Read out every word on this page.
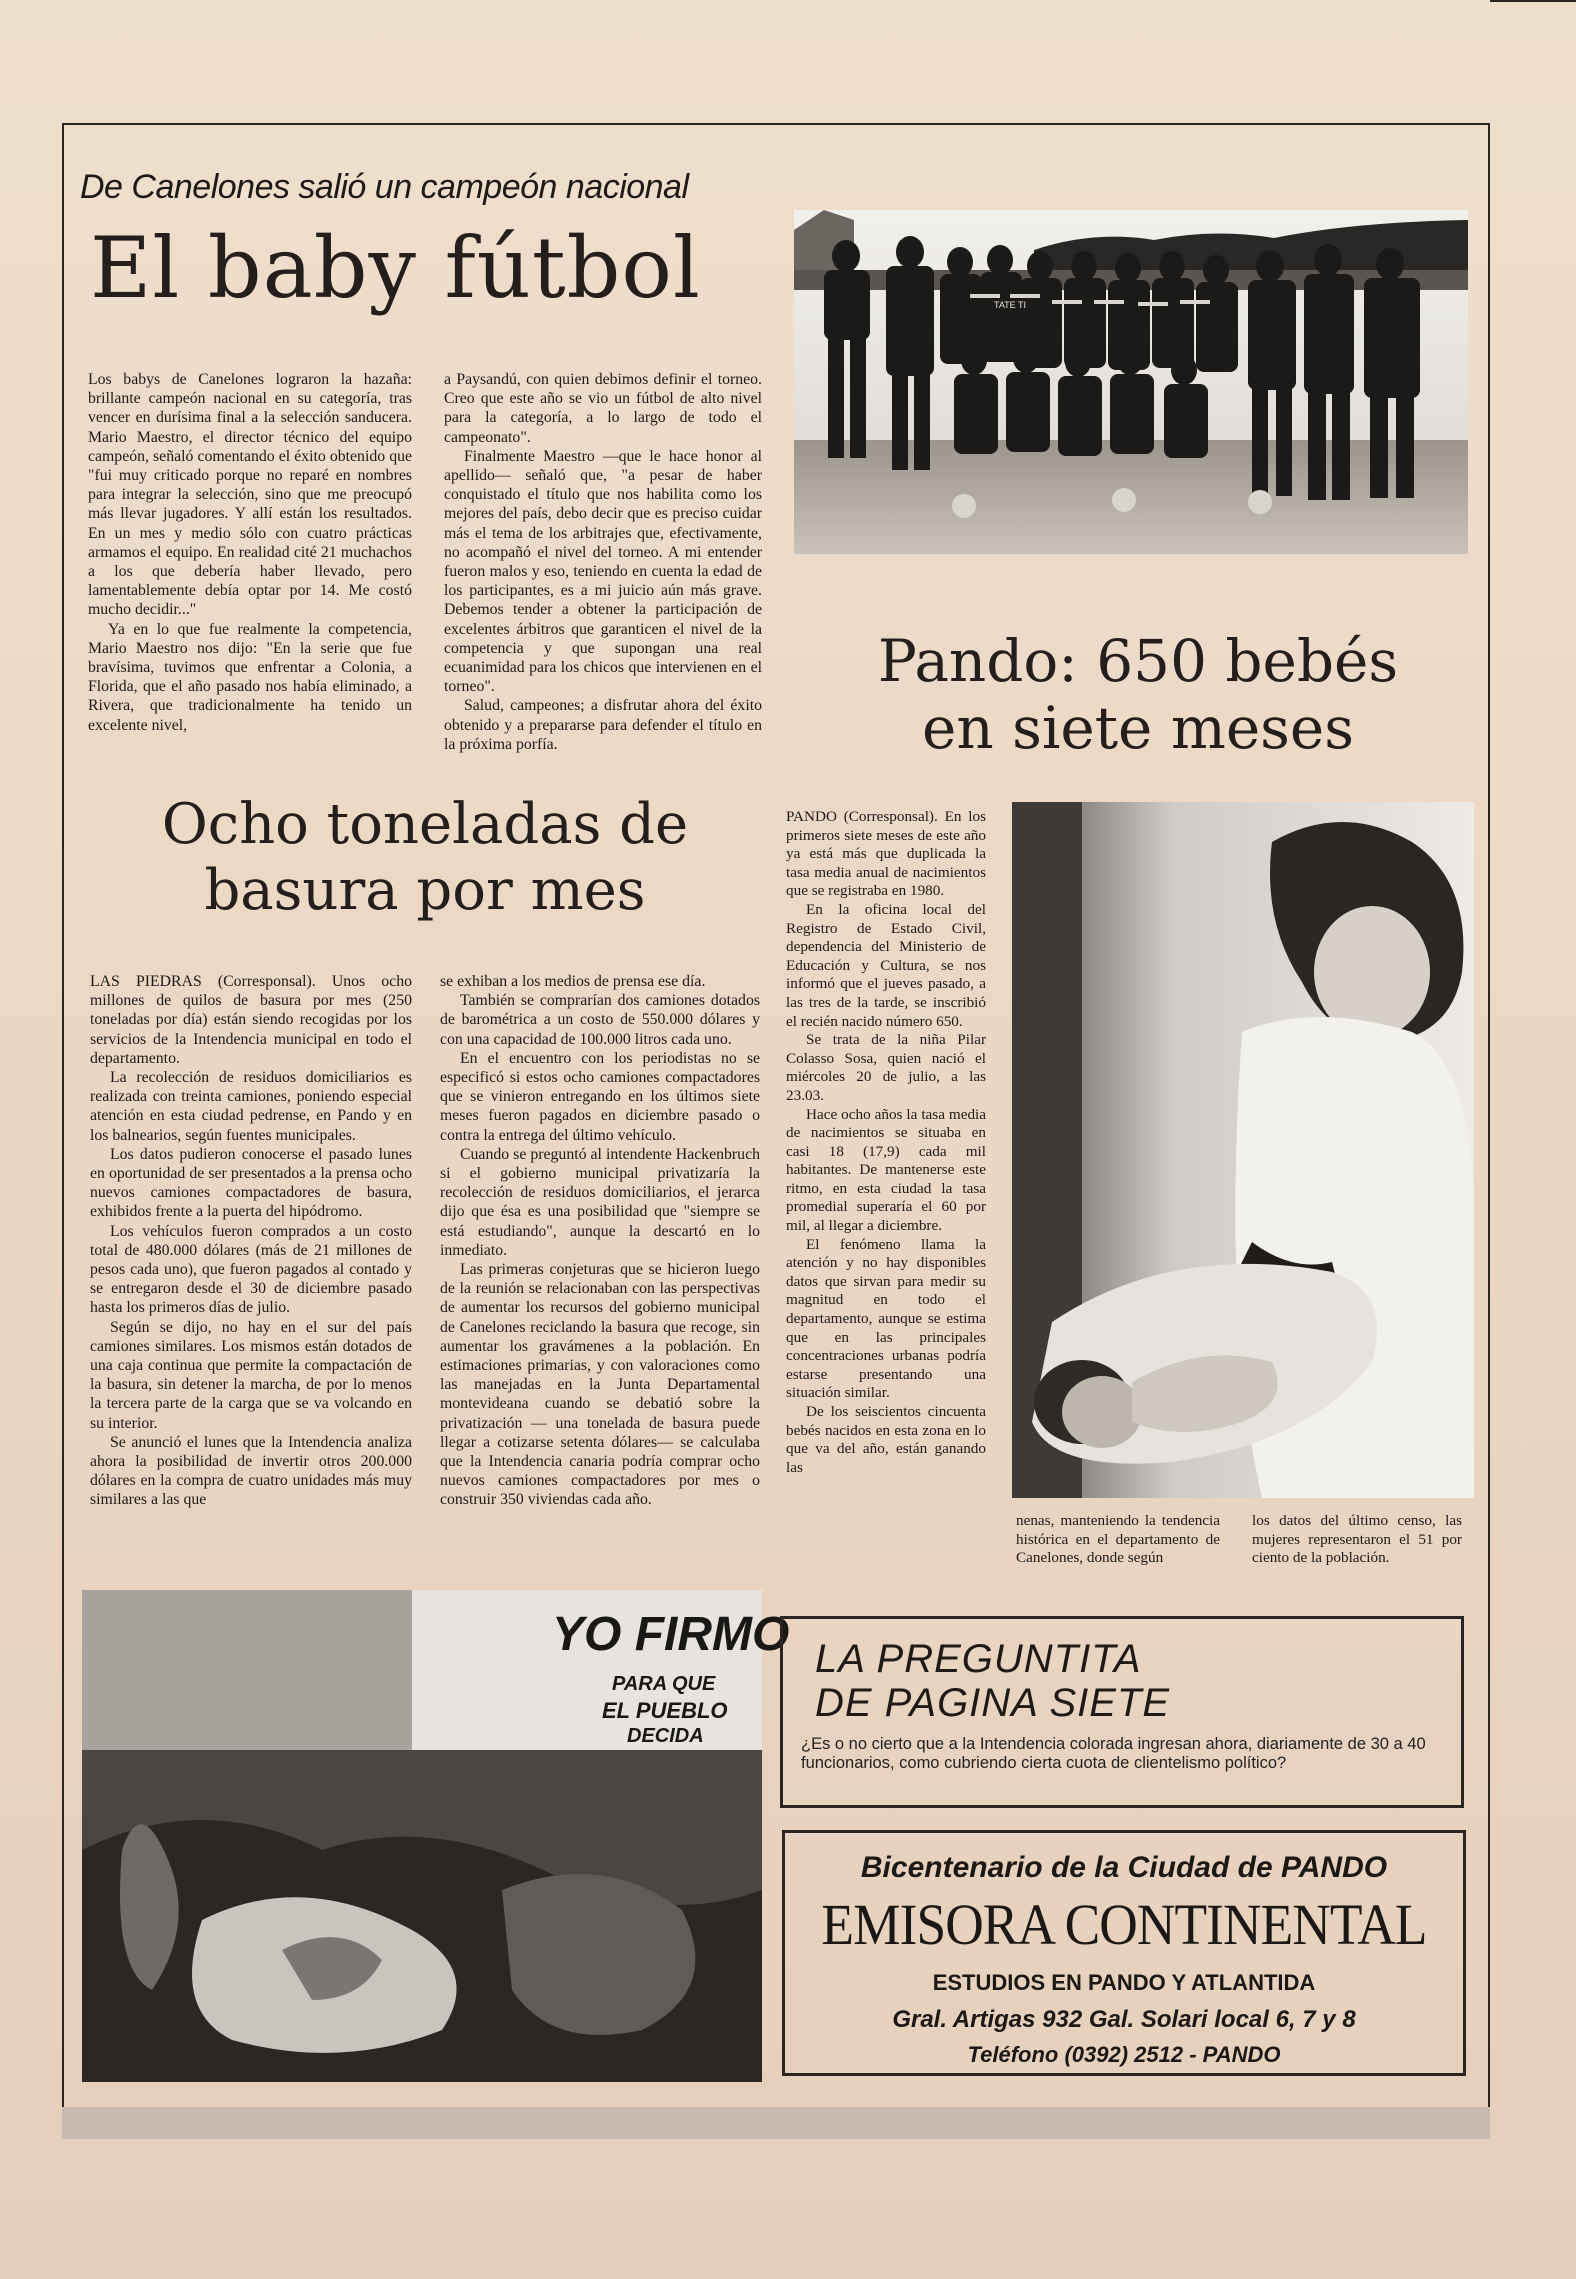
De Canelones salió un campeón nacional
El baby fútbol

Los babys de Canelones lograron la hazaña: brillante campeón nacional en su categoría, tras vencer en durísima final a la selección sanducera. Mario Maestro, el director técnico del equipo campeón, señaló comentando el éxito obtenido que "fui muy criticado porque no reparé en nombres para integrar la selección, sino que me preocupó más llevar jugadores. Y allí están los resultados. En un mes y medio sólo con cuatro prácticas armamos el equipo. En realidad cité 21 muchachos a los que debería haber llevado, pero lamentablemente debía optar por 14. Me costó mucho decidir..."

Ya en lo que fue realmente la competencia, Mario Maestro nos dijo: "En la serie que fue bravísima, tuvimos que enfrentar a Colonia, a Florida, que el año pasado nos había eliminado, a Rivera, que tradicionalmente ha tenido un excelente nivel,

a Paysandú, con quien debimos definir el torneo. Creo que este año se vio un fútbol de alto nivel para la categoría, a lo largo de todo el campeonato".

Finalmente Maestro —que le hace honor al apellido— señaló que, "a pesar de haber conquistado el título que nos habilita como los mejores del país, debo decir que es preciso cuidar más el tema de los arbitrajes que, efectivamente, no acompañó el nivel del torneo. A mi entender fueron malos y eso, teniendo en cuenta la edad de los participantes, es a mi juicio aún más grave. Debemos tender a obtener la participación de excelentes árbitros que garanticen el nivel de la competencia y que supongan una real ecuanimidad para los chicos que intervienen en el torneo".

Salud, campeones; a disfrutar ahora del éxito obtenido y a prepararse para defender el título en la próxima porfía.

TATE TI
Pando: 650 bebés
en siete meses
Ocho toneladas de
basura por mes

LAS PIEDRAS (Corresponsal). Unos ocho millones de quilos de basura por mes (250 toneladas por día) están siendo recogidas por los servicios de la Intendencia municipal en todo el departamento.

La recolección de residuos domiciliarios es realizada con treinta camiones, poniendo especial atención en esta ciudad pedrense, en Pando y en los balnearios, según fuentes municipales.

Los datos pudieron conocerse el pasado lunes en oportunidad de ser presentados a la prensa ocho nuevos camiones compactadores de basura, exhibidos frente a la puerta del hipódromo.

Los vehículos fueron comprados a un costo total de 480.000 dólares (más de 21 millones de pesos cada uno), que fueron pagados al contado y se entregaron desde el 30 de diciembre pasado hasta los primeros días de julio.

Según se dijo, no hay en el sur del país camiones similares. Los mismos están dotados de una caja continua que permite la compactación de la basura, sin detener la marcha, de por lo menos la tercera parte de la carga que se va volcando en su interior.

Se anunció el lunes que la Intendencia analiza ahora la posibilidad de invertir otros 200.000 dólares en la compra de cuatro unidades más muy similares a las que

se exhiban a los medios de prensa ese día.

También se comprarían dos camiones dotados de barométrica a un costo de 550.000 dólares y con una capacidad de 100.000 litros cada uno.

En el encuentro con los periodistas no se especificó si estos ocho camiones compactadores que se vinieron entregando en los últimos siete meses fueron pagados en diciembre pasado o contra la entrega del último vehículo.

Cuando se preguntó al intendente Hackenbruch si el gobierno municipal privatizaría la recolección de residuos domiciliarios, el jerarca dijo que ésa es una posibilidad que "siempre se está estudiando", aunque la descartó en lo inmediato.

Las primeras conjeturas que se hicieron luego de la reunión se relacionaban con las perspectivas de aumentar los recursos del gobierno municipal de Canelones reciclando la basura que recoge, sin aumentar los gravámenes a la población. En estimaciones primarias, y con valoraciones como las manejadas en la Junta Departamental montevideana cuando se debatió sobre la privatización — una tonelada de basura puede llegar a cotizarse setenta dólares— se calculaba que la Intendencia canaria podría comprar ocho nuevos camiones compactadores por mes o construir 350 viviendas cada año.

PANDO (Corresponsal). En los primeros siete meses de este año ya está más que duplicada la tasa media anual de nacimientos que se registraba en 1980.

En la oficina local del Registro de Estado Civil, dependencia del Ministerio de Educación y Cultura, se nos informó que el jueves pasado, a las tres de la tarde, se inscribió el recién nacido número 650.

Se trata de la niña Pilar Colasso Sosa, quien nació el miércoles 20 de julio, a las 23.03.

Hace ocho años la tasa media de nacimientos se situaba en casi 18 (17,9) cada mil habitantes. De mantenerse este ritmo, en esta ciudad la tasa promedial superaría el 60 por mil, al llegar a diciembre.

El fenómeno llama la atención y no hay disponibles datos que sirvan para medir su magnitud en todo el departamento, aunque se estima que en las principales concentraciones urbanas podría estarse presentando una situación similar.

De los seiscientos cincuenta bebés nacidos en esta zona en lo que va del año, están ganando las

nenas, manteniendo la tendencia histórica en el departamento de Canelones, donde según

los datos del último censo, las mujeres representaron el 51 por ciento de la población.

YO FIRMO
PARA QUE
EL PUEBLO
DECIDA

LA PREGUNTITA

DE PAGINA SIETE

¿Es o no cierto que a la Intendencia colorada ingresan ahora, diariamente de 30 a 40 funcionarios, como cubriendo cierta cuota de clientelismo político?

Bicentenario de la Ciudad de PANDO
EMISORA CONTINENTAL
ESTUDIOS EN PANDO Y ATLANTIDA
Gral. Artigas 932 Gal. Solari local 6, 7 y 8
Teléfono (0392) 2512 - PANDO
